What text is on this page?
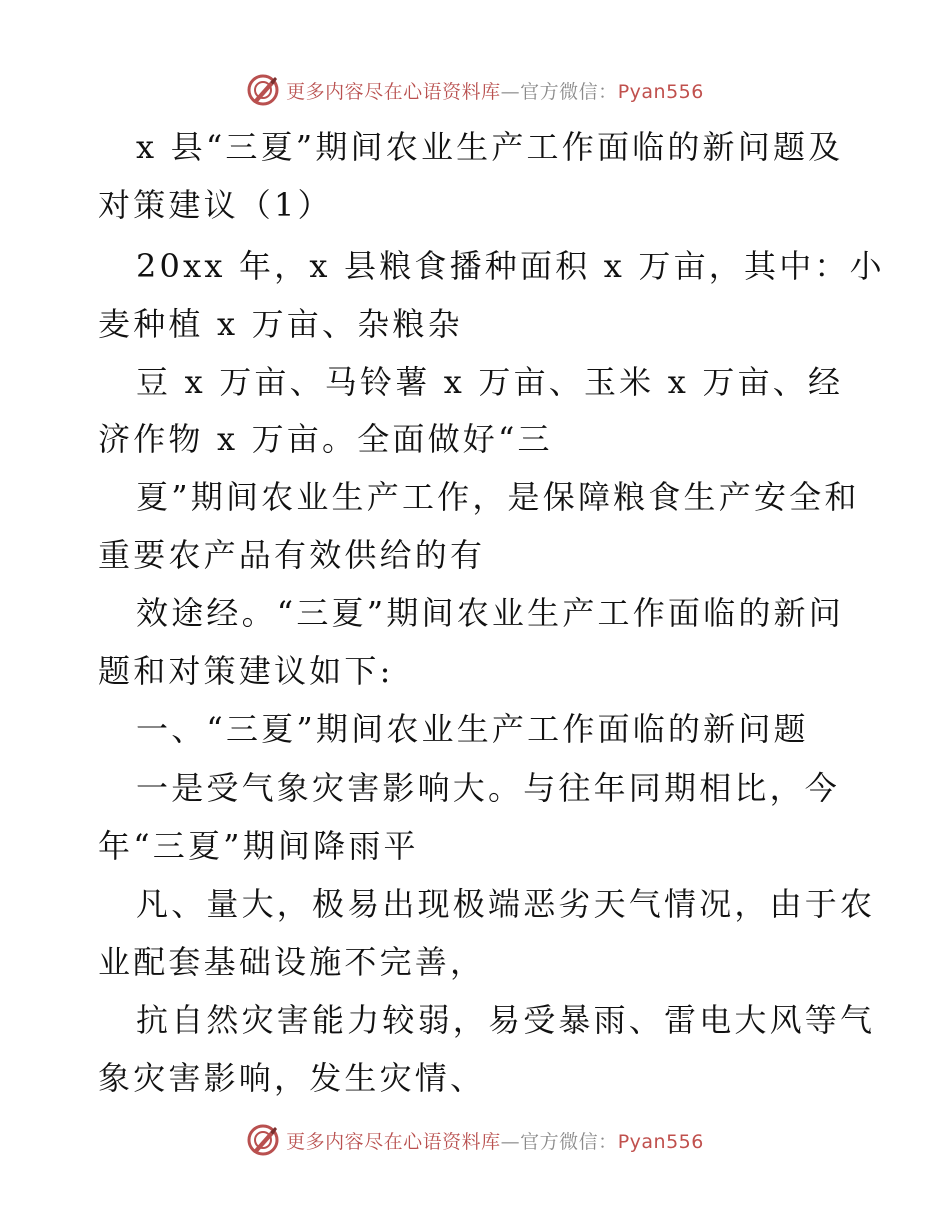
更多内容尽在心语资料库—官方微信：Pyan556
x 县“三夏”期间农业生产工作面临的新问题及
对策建议（1）
20xx 年，x 县粮食播种面积 x 万亩，其中：小
麦种植 x 万亩、杂粮杂
豆 x 万亩、马铃薯 x 万亩、玉米 x 万亩、经
济作物 x 万亩。全面做好“三
夏”期间农业生产工作，是保障粮食生产安全和
重要农产品有效供给的有
效途经。“三夏”期间农业生产工作面临的新问
题和对策建议如下:
一、“三夏”期间农业生产工作面临的新问题
一是受气象灾害影响大。与往年同期相比，今
年“三夏”期间降雨平
凡、量大，极易出现极端恶劣天气情况，由于农
业配套基础设施不完善，
抗自然灾害能力较弱，易受暴雨、雷电大风等气
象灾害影响，发生灾情、
更多内容尽在心语资料库—官方微信：Pyan556
